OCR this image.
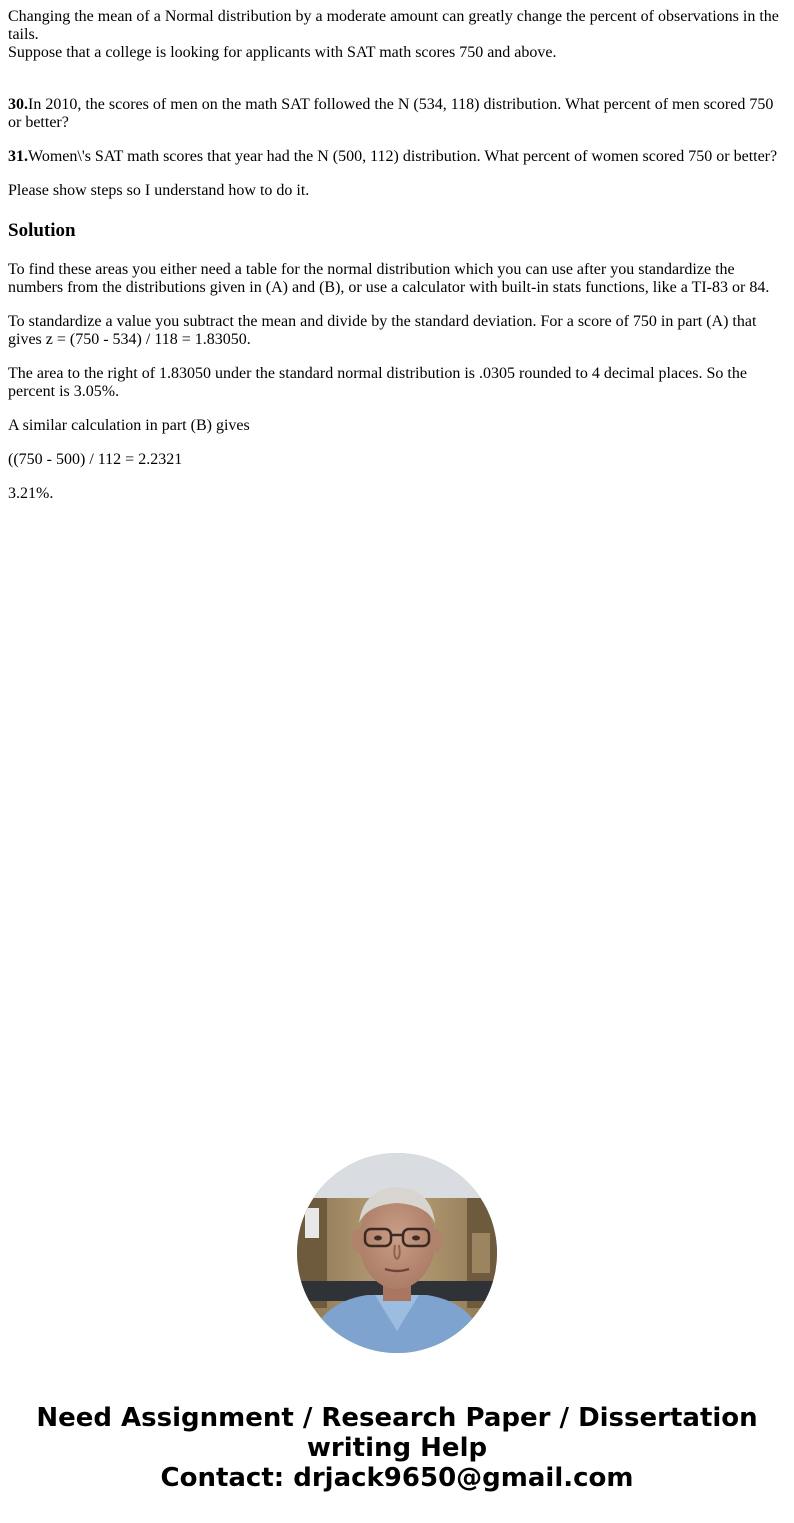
Changing the mean of a Normal distribution by a moderate amount can greatly change the percent of observations in the tails.
Suppose that a college is looking for applicants with SAT math scores 750 and above.

30.In 2010, the scores of men on the math SAT followed the N (534, 118) distribution. What percent of men scored 750 or better?

31.Women\'s SAT math scores that year had the N (500, 112) distribution. What percent of women scored 750 or better?

Please show steps so I understand how to do it.

Solution

To find these areas you either need a table for the normal distribution which you can use after you standardize the numbers from the distributions given in (A) and (B), or use a calculator with built-in stats functions, like a TI-83 or 84.

To standardize a value you subtract the mean and divide by the standard deviation. For a score of 750 in part (A) that gives z = (750 - 534) / 118 = 1.83050.

The area to the right of 1.83050 under the standard normal distribution is .0305 rounded to 4 decimal places. So the percent is 3.05%.

A similar calculation in part (B) gives

((750 - 500) / 112 = 2.2321

3.21%.

Need Assignment / Research Paper / Dissertation
writing Help
Contact: drjack9650@gmail.com
